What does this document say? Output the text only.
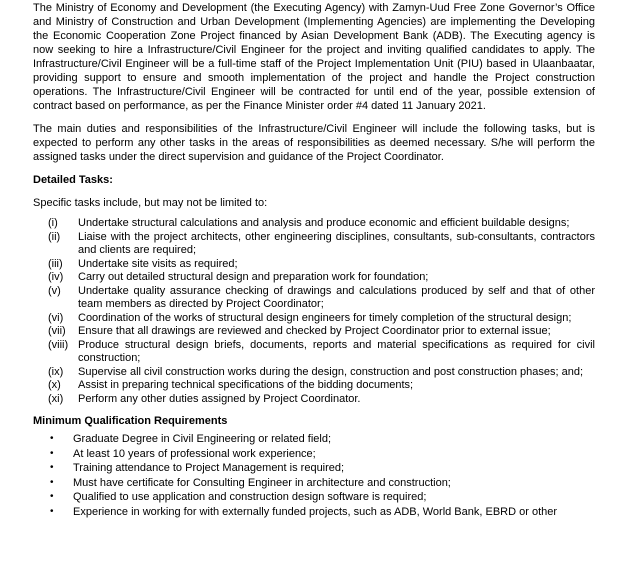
The Ministry of Economy and Development (the Executing Agency) with Zamyn-Uud Free Zone Governor’s Office and Ministry of Construction and Urban Development (Implementing Agencies) are implementing the Developing the Economic Cooperation Zone Project financed by Asian Development Bank (ADB). The Executing agency is now seeking to hire a Infrastructure/Civil Engineer for the project and inviting qualified candidates to apply. The Infrastructure/Civil Engineer will be a full-time staff of the Project Implementation Unit (PIU) based in Ulaanbaatar, providing support to ensure and smooth implementation of the project and handle the Project construction operations. The Infrastructure/Civil Engineer will be contracted for until end of the year, possible extension of contract based on performance, as per the Finance Minister order #4 dated 11 January 2021.

The main duties and responsibilities of the Infrastructure/Civil Engineer will include the following tasks, but is expected to perform any other tasks in the areas of responsibilities as deemed necessary. S/he will perform the assigned tasks under the direct supervision and guidance of the Project Coordinator.

Detailed Tasks:

Specific tasks include, but may not be limited to:

(i) Undertake structural calculations and analysis and produce economic and efficient buildable designs;
(ii) Liaise with the project architects, other engineering disciplines, consultants, sub-consultants, contractors and clients are required;
(iii) Undertake site visits as required;
(iv) Carry out detailed structural design and preparation work for foundation;
(v) Undertake quality assurance checking of drawings and calculations produced by self and that of other team members as directed by Project Coordinator;
(vi) Coordination of the works of structural design engineers for timely completion of the structural design;
(vii) Ensure that all drawings are reviewed and checked by Project Coordinator prior to external issue;
(viii) Produce structural design briefs, documents, reports and material specifications as required for civil construction;
(ix) Supervise all civil construction works during the design, construction and post construction phases; and;
(x) Assist in preparing technical specifications of the bidding documents;
(xi) Perform any other duties assigned by Project Coordinator.
Minimum Qualification Requirements
• Graduate Degree in Civil Engineering or related field;
• At least 10 years of professional work experience;
• Training attendance to Project Management is required;
• Must have certificate for Consulting Engineer in architecture and construction;
• Qualified to use application and construction design software is required;
• Experience in working for with externally funded projects, such as ADB, World Bank, EBRD or other
